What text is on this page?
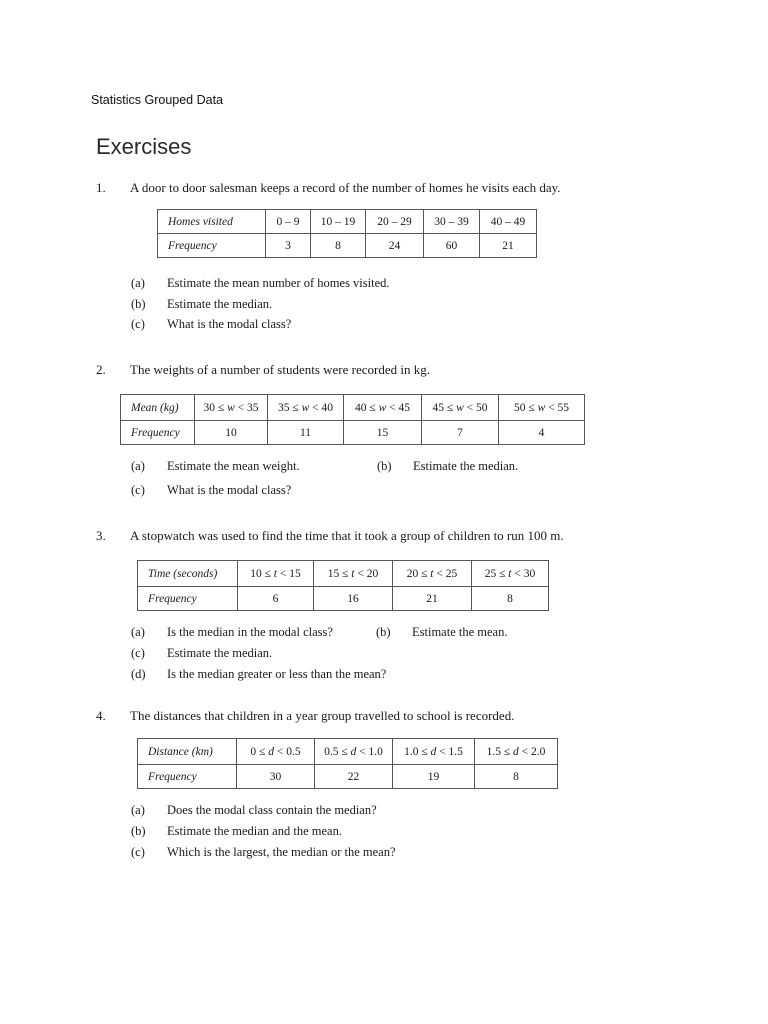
Statistics Grouped Data
Exercises
1. A door to door salesman keeps a record of the number of homes he visits each day.
Homes visited	0 – 9	10 – 19	20 – 29	30 – 39	40 – 49
Frequency	3	8	24	60	21
(a) Estimate the mean number of homes visited.
(b) Estimate the median.
(c) What is the modal class?
2. The weights of a number of students were recorded in kg.
Mean (kg)	30 ≤ w < 35	35 ≤ w < 40	40 ≤ w < 45	45 ≤ w < 50	50 ≤ w < 55
Frequency	10	11	15	7	4
(a) Estimate the mean weight.	(b) Estimate the median.
(c) What is the modal class?
3. A stopwatch was used to find the time that it took a group of children to run 100 m.
Time (seconds)	10 ≤ t < 15	15 ≤ t < 20	20 ≤ t < 25	25 ≤ t < 30
Frequency	6	16	21	8
(a) Is the median in the modal class?	(b) Estimate the mean.
(c) Estimate the median.
(d) Is the median greater or less than the mean?
4. The distances that children in a year group travelled to school is recorded.
Distance (km)	0 ≤ d < 0.5	0.5 ≤ d < 1.0	1.0 ≤ d < 1.5	1.5 ≤ d < 2.0
Frequency	30	22	19	8
(a) Does the modal class contain the median?
(b) Estimate the median and the mean.
(c) Which is the largest, the median or the mean?
